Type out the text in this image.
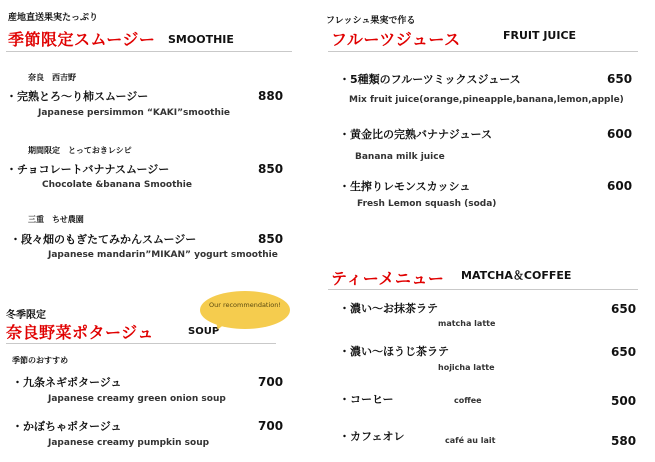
産地直送果実たっぷり
季節限定スムージー SMOOTHIE
奈良　西吉野
・完熟とろ～り柿スムージー	880
Japanese persimmon “KAKI”smoothie
期間限定　とっておきレシピ
・チョコレートバナナスムージー	850
Chocolate &banana Smoothie
三重　ちせ農園
・段々畑のもぎたてみかんスムージー	850
Japanese mandarin”MIKAN” yogurt smoothie
冬季限定
奈良野菜ポタージュ	SOUP
Our recommendation!
季節のおすすめ
・九条ネギポタージュ	700
Japanese creamy green onion soup
・かぼちゃポタージュ	700
Japanese creamy pumpkin soup
フレッシュ果実で作る
フルーツジュース	FRUIT JUICE
・5種類のフルーツミックスジュース	650
Mix fruit juice(orange,pineapple,banana,lemon,apple)
・黄金比の完熟バナナジュース	600
Banana milk juice
・生搾りレモンスカッシュ	600
Fresh Lemon squash (soda)
ティーメニュー MATCHA＆COFFEE
・濃い～お抹茶ラテ	650
matcha latte
・濃い～ほうじ茶ラテ	650
hojicha latte
・コーヒー	500
coffee
・カフェオレ	580
café au lait
